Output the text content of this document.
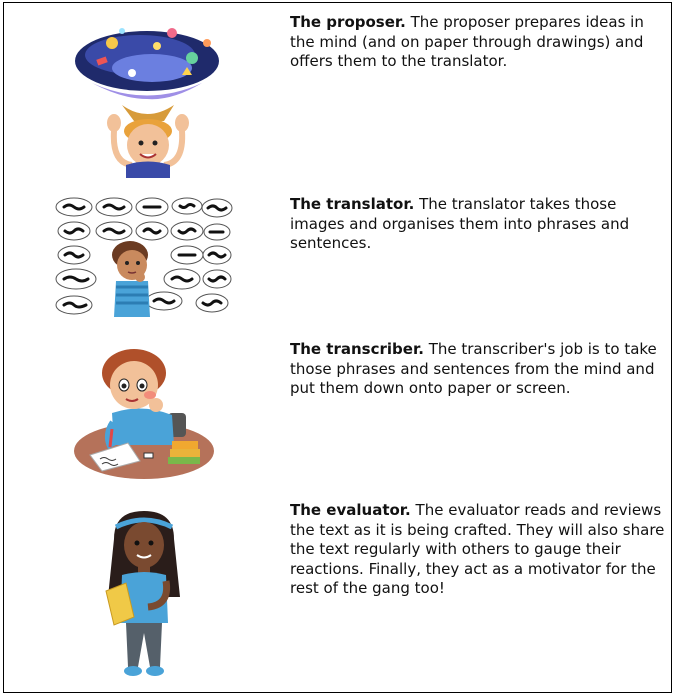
The proposer. The proposer prepares ideas in the mind (and on paper through drawings) and offers them to the translator.
The translator. The translator takes those images and organises them into phrases and sentences.
The transcriber. The transcriber's job is to take those phrases and sentences from the mind and put them down onto paper or screen.
The evaluator. The evaluator reads and reviews the text as it is being crafted. They will also share the text regularly with others to gauge their reactions. Finally, they act as a motivator for the rest of the gang too!
